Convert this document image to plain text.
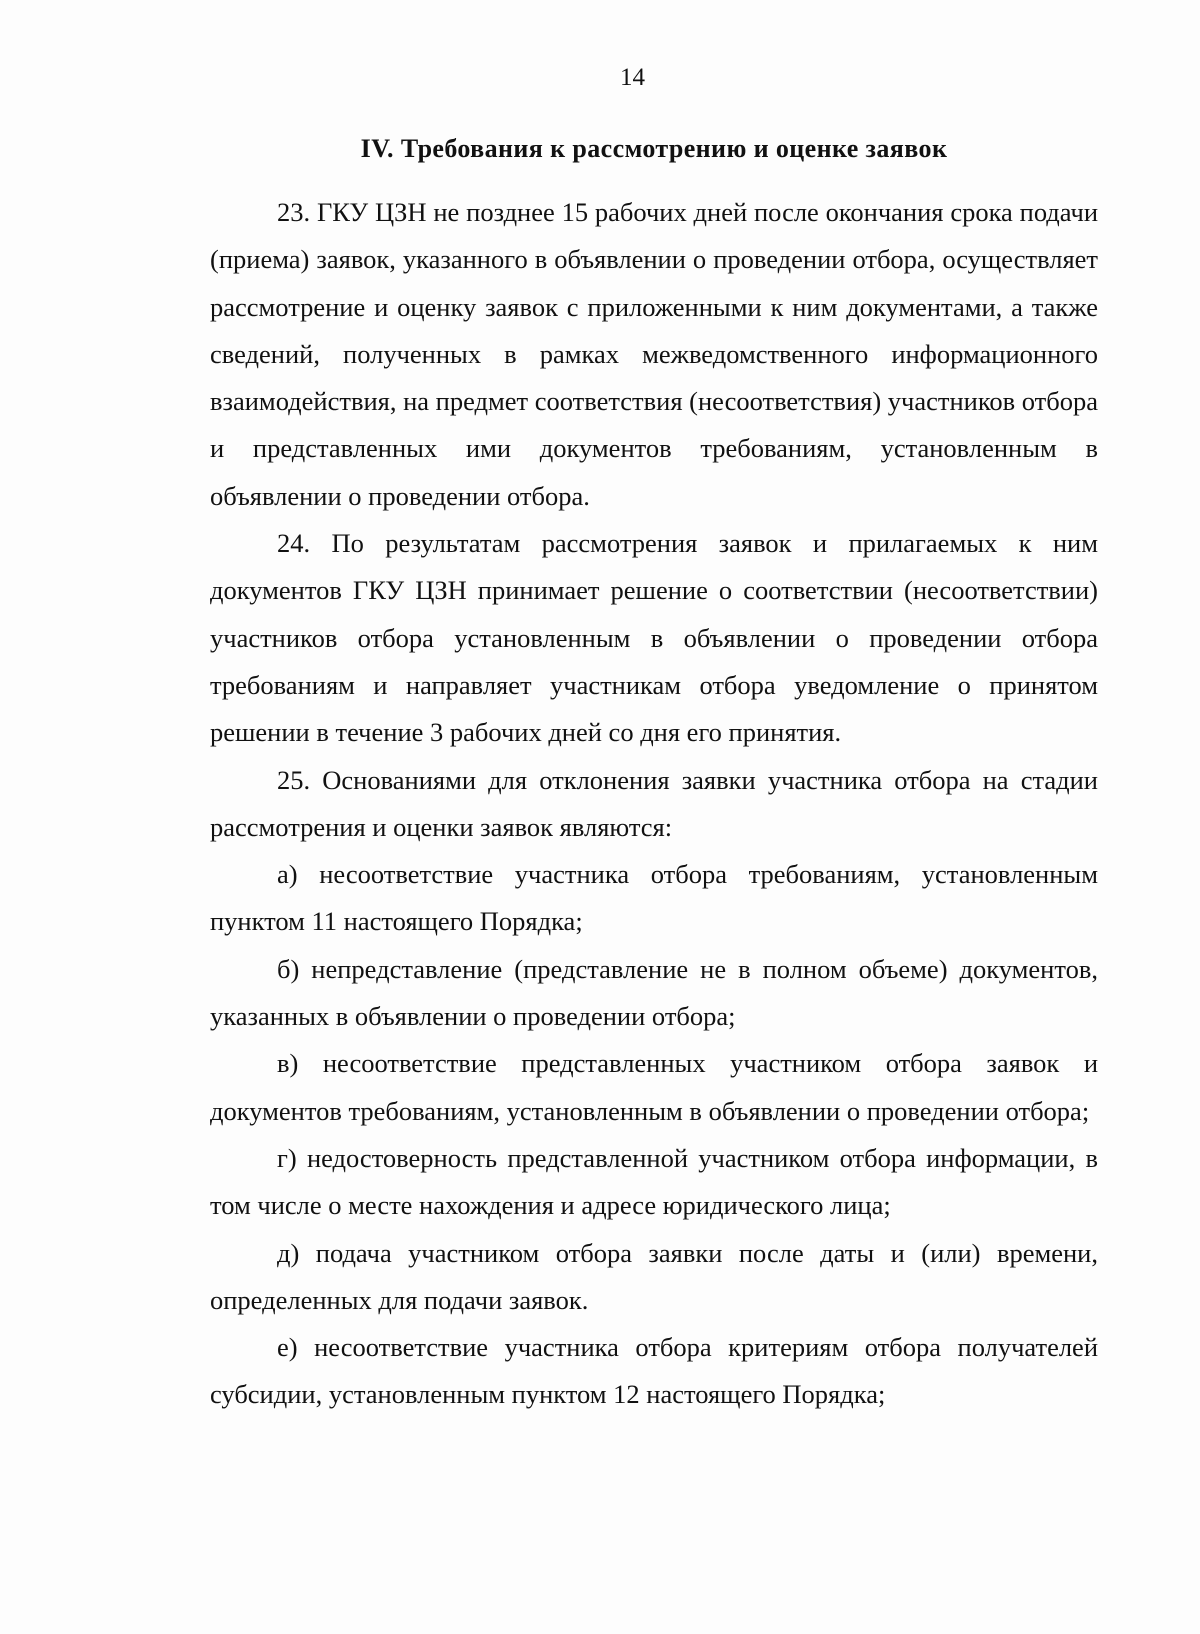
14
IV. Требования к рассмотрению и оценке заявок

23. ГКУ ЦЗН не позднее 15 рабочих дней после окончания срока подачи (приема) заявок, указанного в объявлении о проведении отбора, осуществляет рассмотрение и оценку заявок с приложенными к ним документами, а также сведений, полученных в рамках межведомственного информационного взаимодействия, на предмет соответствия (несоответствия) участников отбора и представленных ими документов требованиям, установленным в объявлении о проведении отбора.

24. По результатам рассмотрения заявок и прилагаемых к ним документов ГКУ ЦЗН принимает решение о соответствии (несоответствии) участников отбора установленным в объявлении о проведении отбора требованиям и направляет участникам отбора уведомление о принятом решении в течение 3 рабочих дней со дня его принятия.

25. Основаниями для отклонения заявки участника отбора на стадии рассмотрения и оценки заявок являются:

а) несоответствие участника отбора требованиям, установленным пунктом 11 настоящего Порядка;

б) непредставление (представление не в полном объеме) документов, указанных в объявлении о проведении отбора;

в) несоответствие представленных участником отбора заявок и документов требованиям, установленным в объявлении о проведении отбора;

г) недостоверность представленной участником отбора информации, в том числе о месте нахождения и адресе юридического лица;

д) подача участником отбора заявки после даты и (или) времени, определенных для подачи заявок.

е) несоответствие участника отбора критериям отбора получателей субсидии, установленным пунктом 12 настоящего Порядка;
